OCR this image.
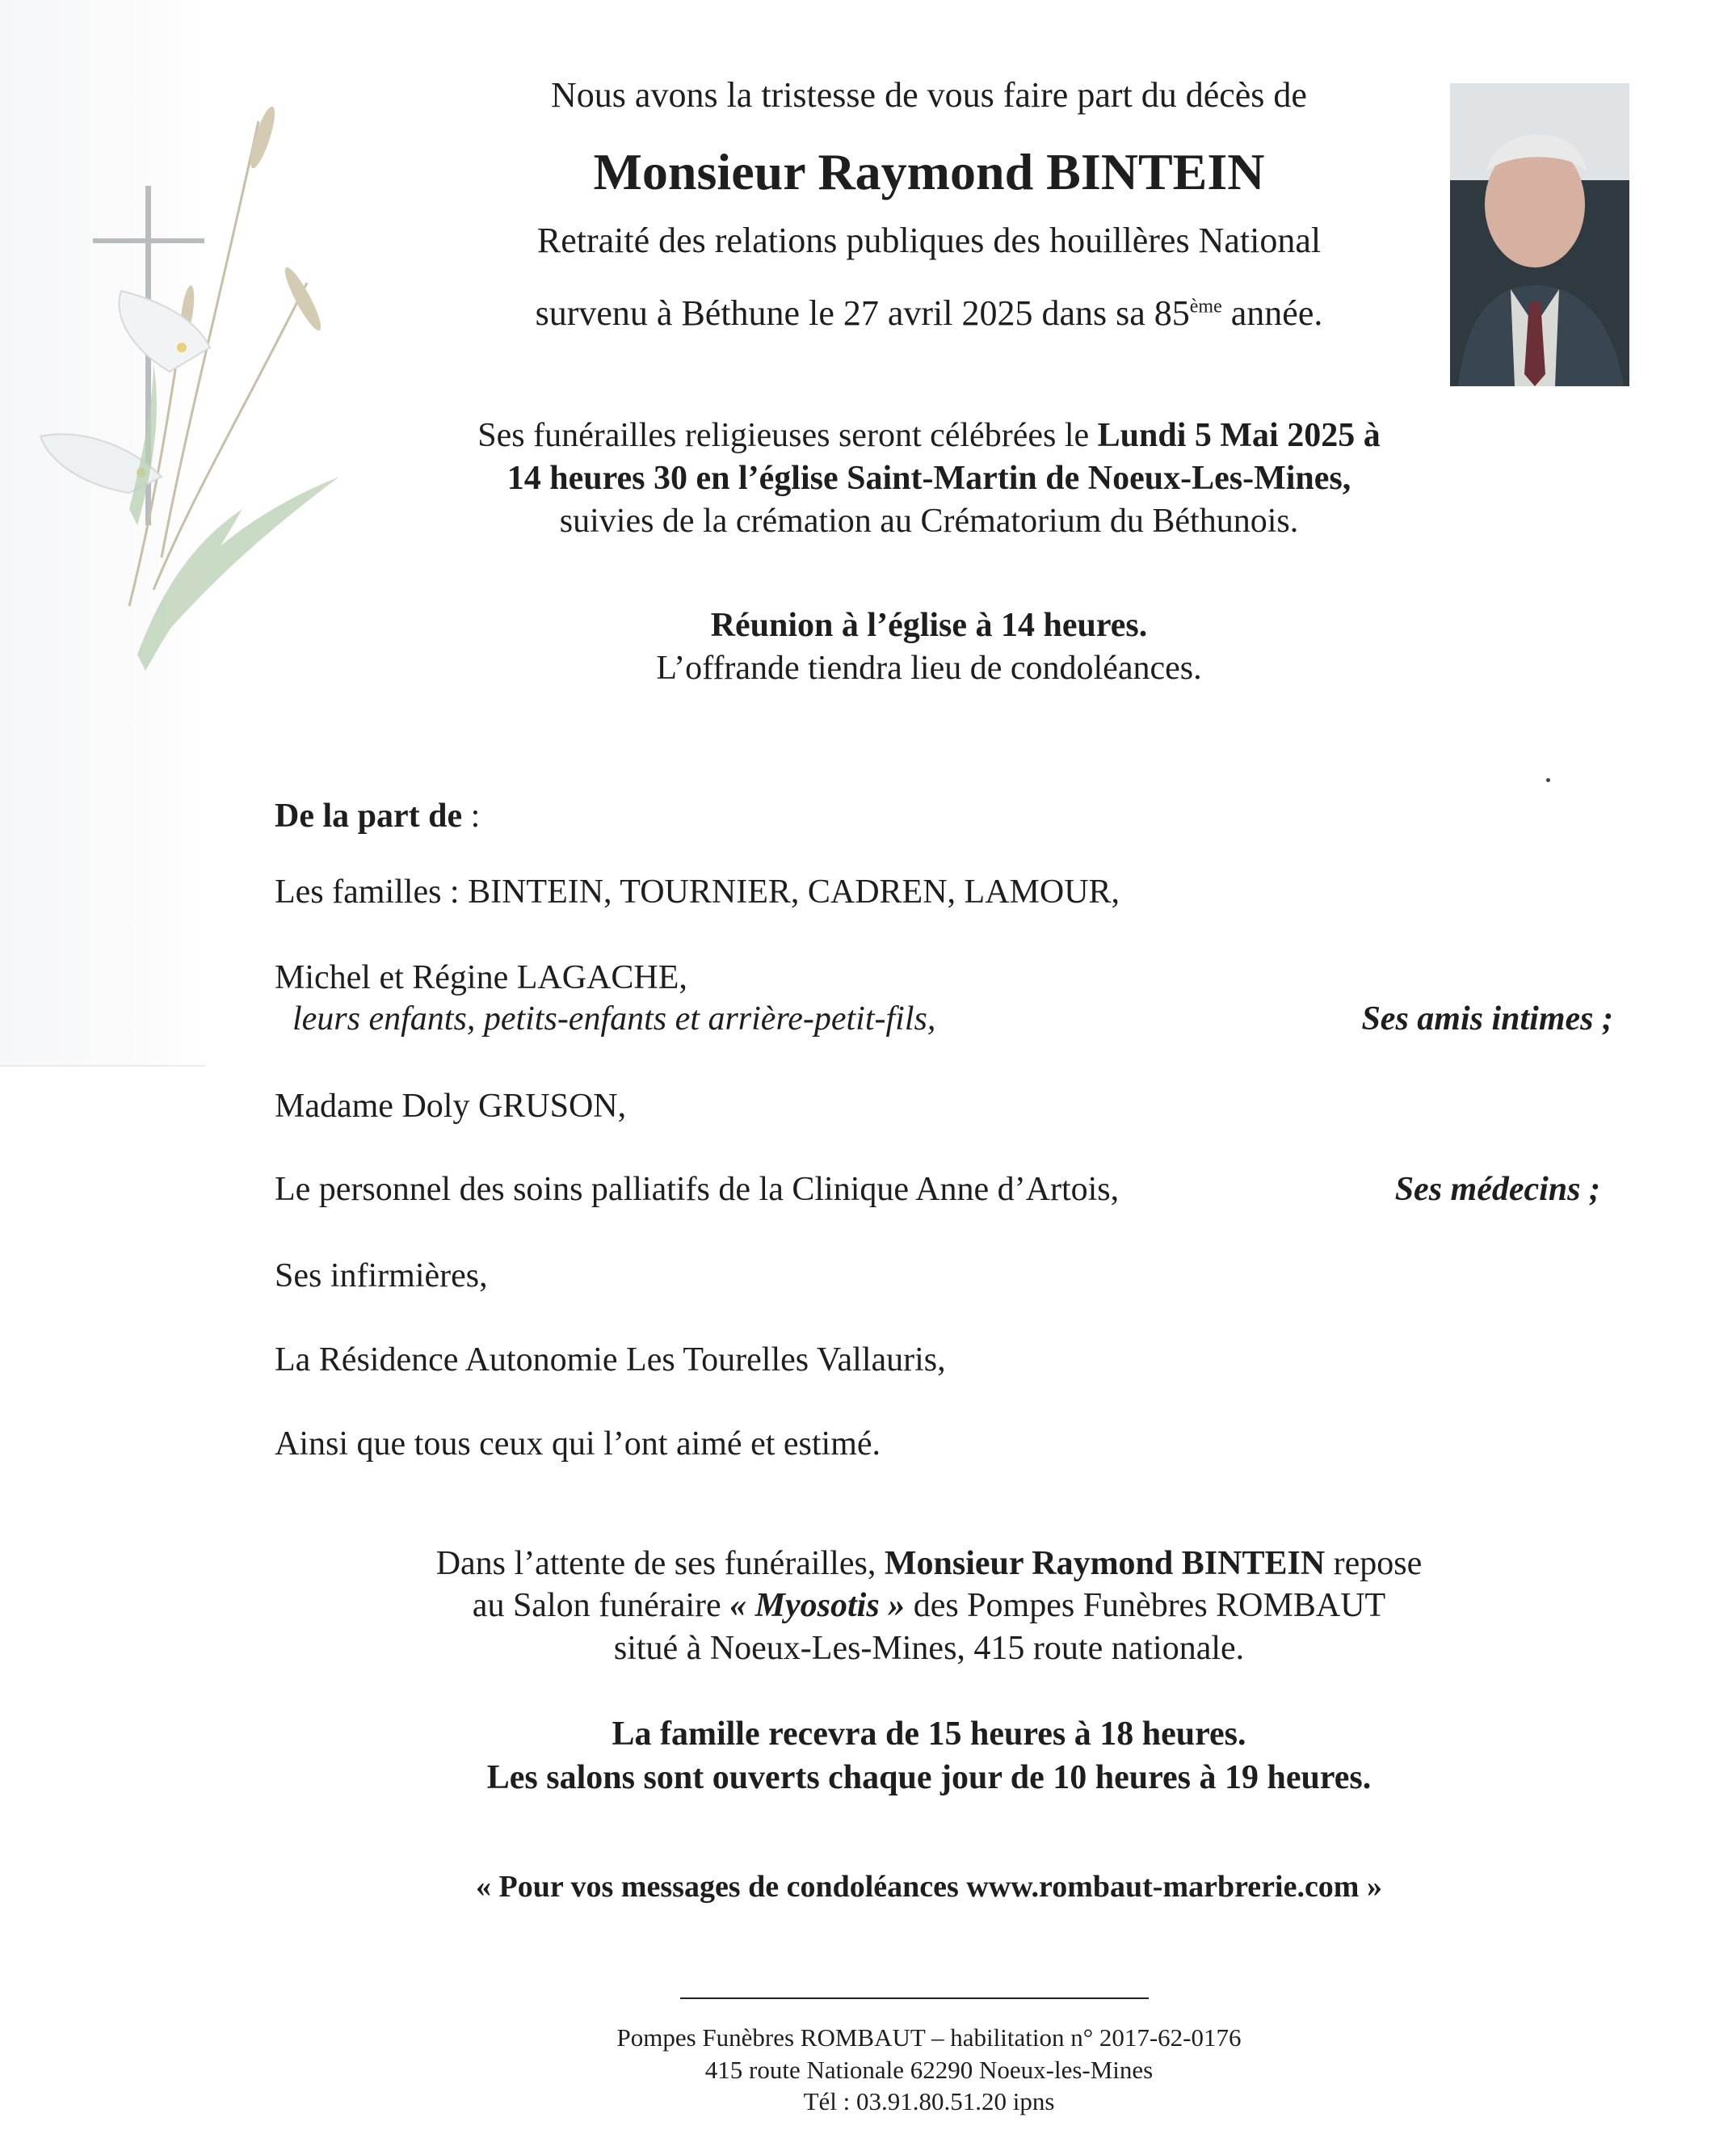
Nous avons la tristesse de vous faire part du décès de
Monsieur Raymond BINTEIN
Retraité des relations publiques des houillères National
survenu à Béthune le 27 avril 2025 dans sa 85ème année.
Ses funérailles religieuses seront célébrées le Lundi 5 Mai 2025 à
14 heures 30 en l’église Saint-Martin de Noeux-Les-Mines,
suivies de la crémation au Crématorium du Béthunois.
Réunion à l’église à 14 heures.
L’offrande tiendra lieu de condoléances.
De la part de :
Les familles : BINTEIN, TOURNIER, CADREN, LAMOUR,
Michel et Régine LAGACHE,
leurs enfants, petits-enfants et arrière-petit-fils,	Ses amis intimes ;
Madame Doly GRUSON,
Le personnel des soins palliatifs de la Clinique Anne d’Artois,	Ses médecins ;
Ses infirmières,
La Résidence Autonomie Les Tourelles Vallauris,
Ainsi que tous ceux qui l’ont aimé et estimé.
Dans l’attente de ses funérailles, Monsieur Raymond BINTEIN repose
au Salon funéraire « Myosotis » des Pompes Funèbres ROMBAUT
situé à Noeux-Les-Mines, 415 route nationale.
La famille recevra de 15 heures à 18 heures.
Les salons sont ouverts chaque jour de 10 heures à 19 heures.
« Pour vos messages de condoléances www.rombaut-marbrerie.com »
Pompes Funèbres ROMBAUT – habilitation n° 2017-62-0176
415 route Nationale 62290 Noeux-les-Mines
Tél : 03.91.80.51.20 ipns
